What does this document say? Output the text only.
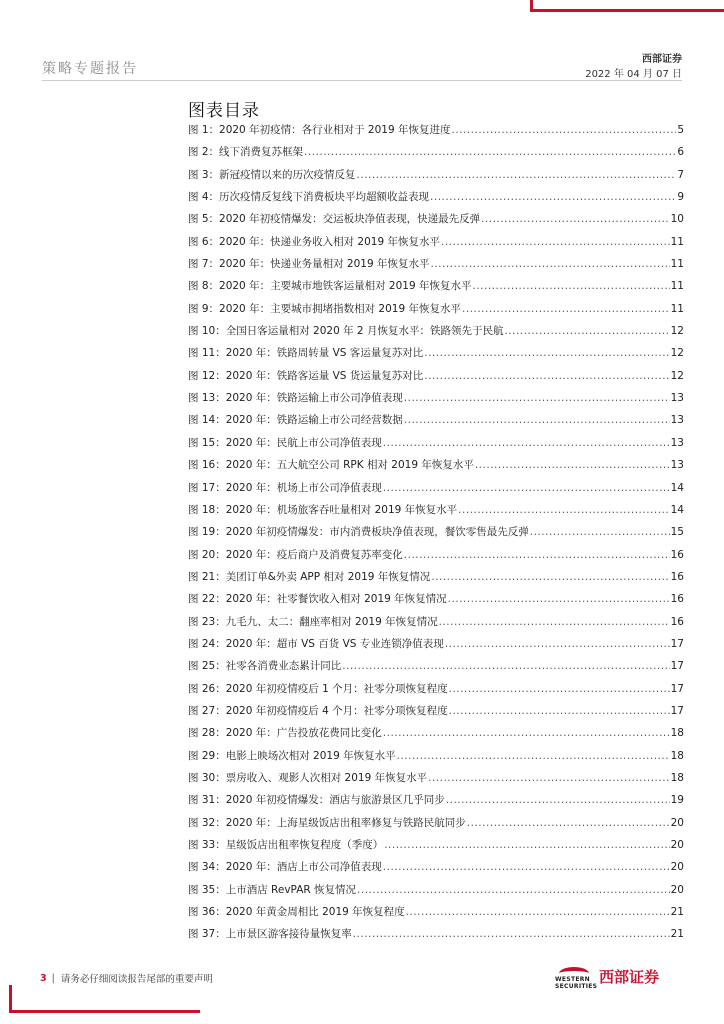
策略专题报告
西部证券
2022 年 04 月 07 日
图表目录
图 1：2020 年初疫情：各行业相对于 2019 年恢复进度 .....	5
图 2：线下消费复苏框架 .....	6
图 3：新冠疫情以来的历次疫情反复 .....	7
图 4：历次疫情反复线下消费板块平均超额收益表现 .....	9
图 5：2020 年初疫情爆发：交运板块净值表现，快递最先反弹 .....	10
图 6：2020 年：快递业务收入相对 2019 年恢复水平 .....	11
图 7：2020 年：快递业务量相对 2019 年恢复水平 .....	11
图 8：2020 年：主要城市地铁客运量相对 2019 年恢复水平 .....	11
图 9：2020 年：主要城市拥堵指数相对 2019 年恢复水平 .....	11
图 10：全国日客运量相对 2020 年 2 月恢复水平：铁路领先于民航 .....	12
图 11：2020 年：铁路周转量 VS 客运量复苏对比 .....	12
图 12：2020 年：铁路客运量 VS 货运量复苏对比 .....	12
图 13：2020 年：铁路运输上市公司净值表现 .....	13
图 14：2020 年：铁路运输上市公司经营数据 .....	13
图 15：2020 年：民航上市公司净值表现 .....	13
图 16：2020 年：五大航空公司 RPK 相对 2019 年恢复水平 .....	13
图 17：2020 年：机场上市公司净值表现 .....	14
图 18：2020 年：机场旅客吞吐量相对 2019 年恢复水平 .....	14
图 19：2020 年初疫情爆发：市内消费板块净值表现，餐饮零售最先反弹 .....	15
图 20：2020 年：疫后商户及消费复苏率变化 .....	16
图 21：美团订单&外卖 APP 相对 2019 年恢复情况 .....	16
图 22：2020 年：社零餐饮收入相对 2019 年恢复情况 .....	16
图 23：九毛九、太二：翻座率相对 2019 年恢复情况 .....	16
图 24：2020 年：超市 VS 百货 VS 专业连锁净值表现 .....	17
图 25：社零各消费业态累计同比 .....	17
图 26：2020 年初疫情疫后 1 个月：社零分项恢复程度 .....	17
图 27：2020 年初疫情疫后 4 个月：社零分项恢复程度 .....	17
图 28：2020 年：广告投放花费同比变化 .....	18
图 29：电影上映场次相对 2019 年恢复水平 .....	18
图 30：票房收入、观影人次相对 2019 年恢复水平 .....	18
图 31：2020 年初疫情爆发：酒店与旅游景区几乎同步 .....	19
图 32：2020 年：上海星级饭店出租率修复与铁路民航同步 .....	20
图 33：星级饭店出租率恢复程度（季度） .....	20
图 34：2020 年：酒店上市公司净值表现 .....	20
图 35：上市酒店 RevPAR 恢复情况 .....	20
图 36：2020 年黄金周相比 2019 年恢复程度 .....	21
图 37：上市景区游客接待量恢复率 .....	21
3 | 请务必仔细阅读报告尾部的重要声明	WESTERN SECURITIES 西部证券
